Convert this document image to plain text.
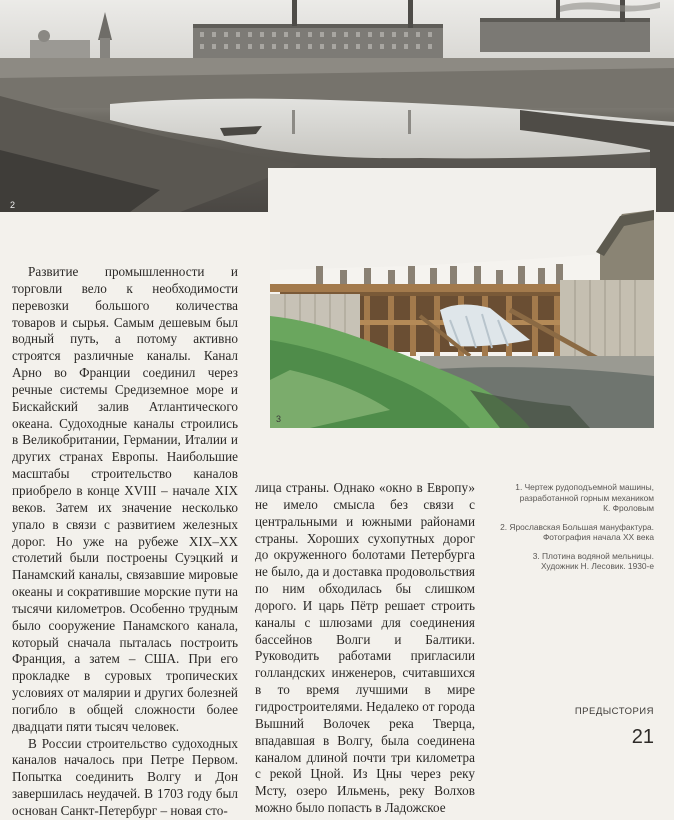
2
3

Развитие промышленности и торговли вело к необходимости перевозки большого количества товаров и сырья. Самым дешевым был водный путь, а потому активно строятся различные каналы. Канал Арно во Франции соединил через речные системы Средиземное море и Бискайский залив Атлантического океана. Судоходные каналы строились в Великобритании, Германии, Италии и других странах Европы. Наибольшие масштабы строительство каналов приобрело в конце XVIII – начале XIX веков. Затем их значение несколько упало в связи с развитием железных дорог. Но уже на рубеже XIX–XX столетий были построены Суэцкий и Панамский каналы, связавшие мировые океаны и сократившие морские пути на тысячи километров. Особенно трудным было сооружение Панамского канала, который сначала пыталась построить Франция, а затем – США. При его прокладке в суровых тропических условиях от малярии и других болезней погибло в общей сложности более двадцати пяти тысяч человек.

В России строительство судоходных каналов началось при Петре Первом. Попытка соединить Волгу и Дон завершилась неудачей. В 1703 году был основан Санкт-Петербург – новая сто-

лица страны. Однако «окно в Европу» не имело смысла без связи с центральными и южными районами страны. Хороших сухопутных дорог до окруженного болотами Петербурга не было, да и доставка продовольствия по ним обходилась бы слишком дорого. И царь Пётр решает строить каналы с шлюзами для соединения бассейнов Волги и Балтики. Руководить работами пригласили голландских инженеров, считавшихся в то время лучшими в мире гидростроителями. Недалеко от города Вышний Волочек река Тверца, впадавшая в Волгу, была соединена каналом длиной почти три километра с рекой Цной. Из Цны через реку Мсту, озеро Ильмень, реку Волхов можно было попасть в Ладожское

1. Чертеж рудоподъемной машины,
разработанной горным механиком
К. Фроловым
2. Ярославская Большая мануфактура.
Фотография начала XX века
3. Плотина водяной мельницы.
Художник Н. Лесовик. 1930-е
ПРЕДЫСТОРИЯ
21
